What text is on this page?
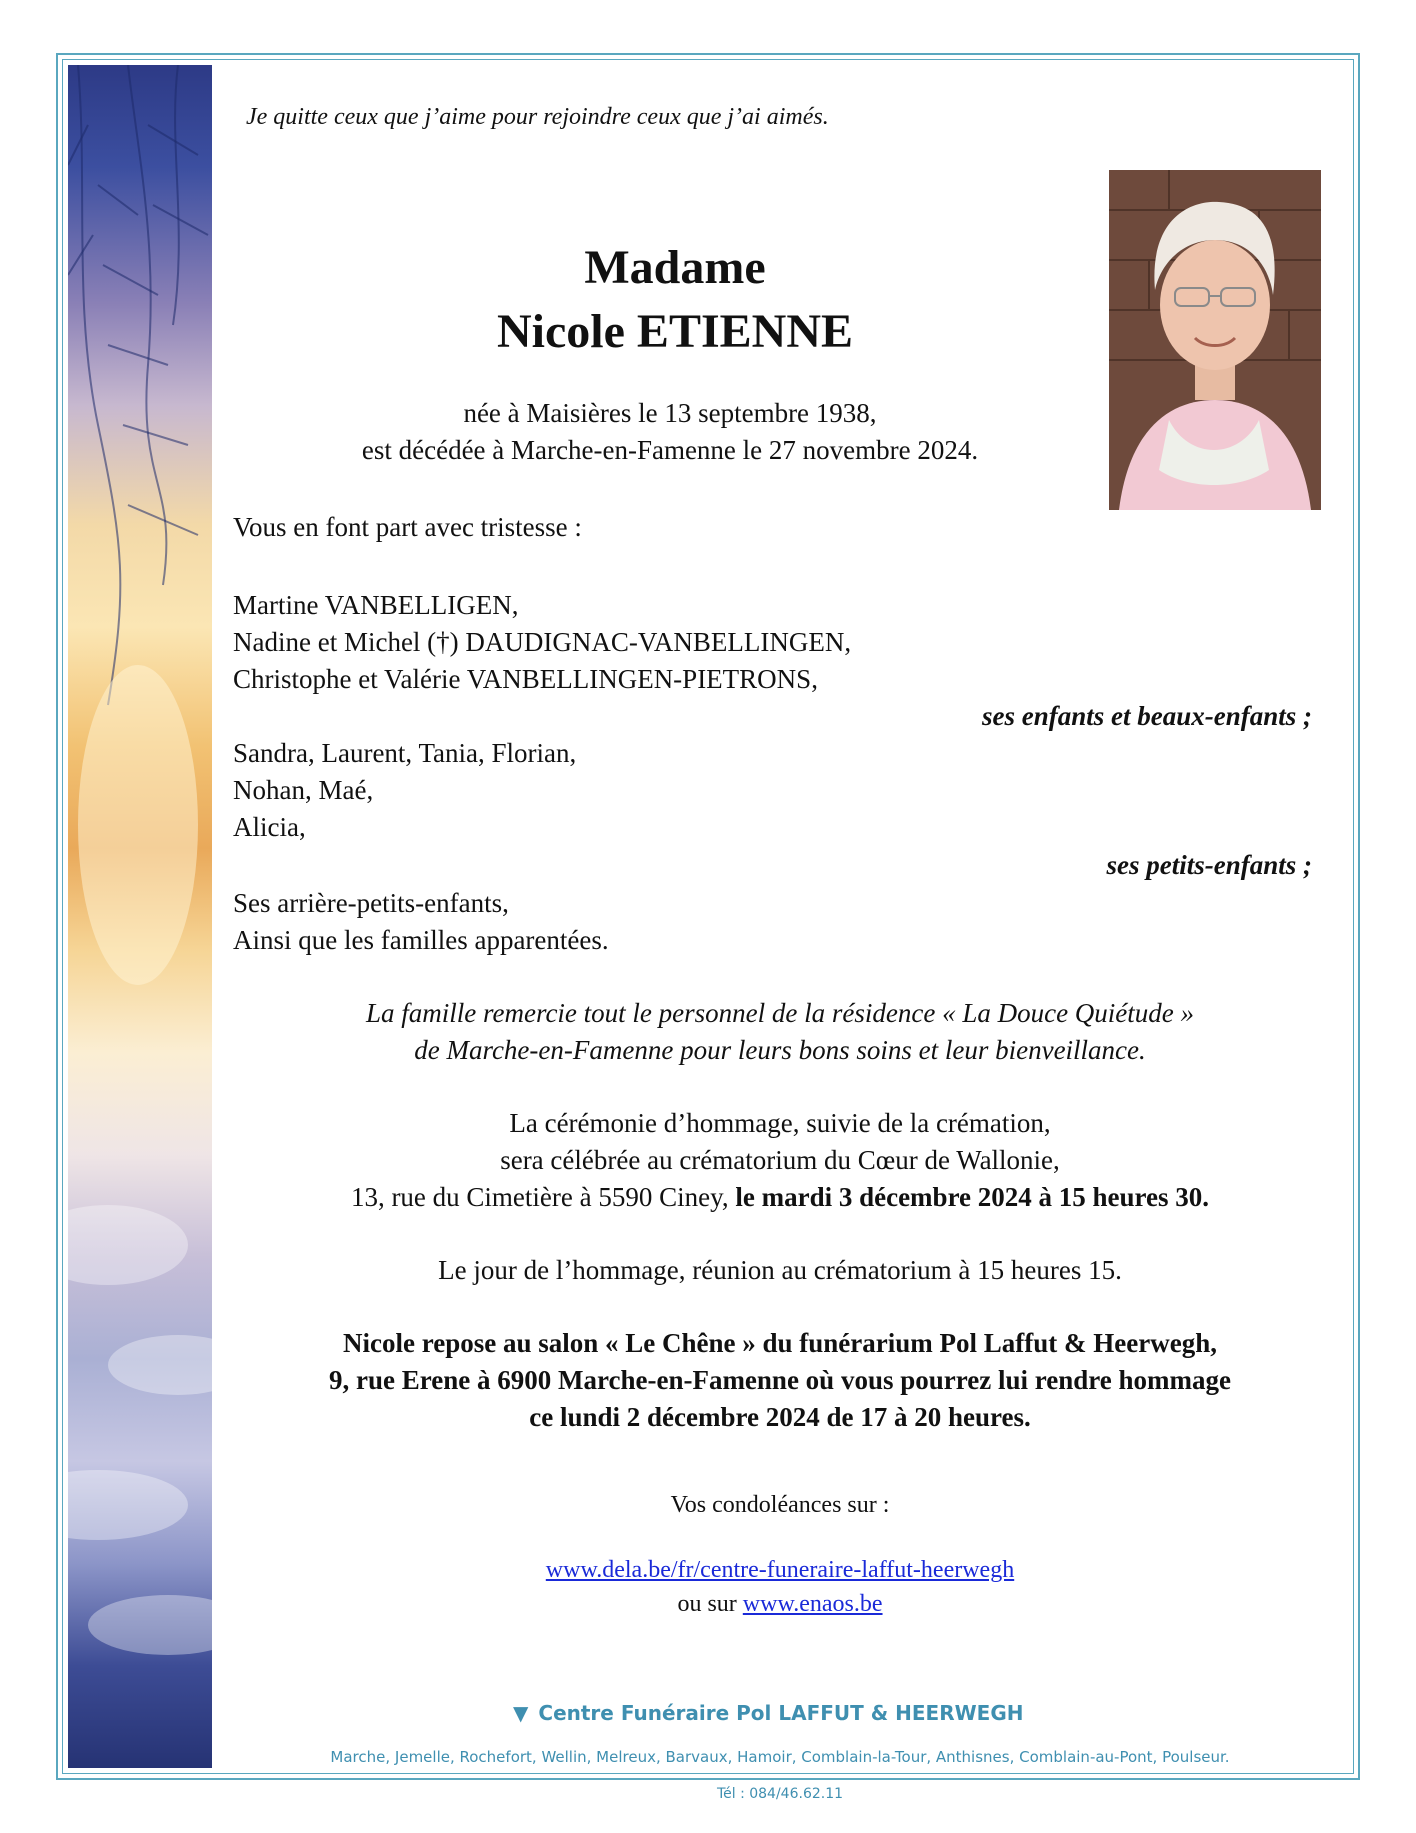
Je quitte ceux que j’aime pour rejoindre ceux que j’ai aimés.
Madame
Nicole ETIENNE
née à Maisières le 13 septembre 1938,
est décédée à Marche-en-Famenne le 27 novembre 2024.
Vous en font part avec tristesse :
Martine VANBELLIGEN,
Nadine et Michel (†) DAUDIGNAC-VANBELLINGEN,
Christophe et Valérie VANBELLINGEN-PIETRONS,
ses enfants et beaux-enfants ;
Sandra, Laurent, Tania, Florian,
Nohan, Maé,
Alicia,
ses petits-enfants ;
Ses arrière-petits-enfants,
Ainsi que les familles apparentées.
La famille remercie tout le personnel de la résidence « La Douce Quiétude »
de Marche-en-Famenne pour leurs bons soins et leur bienveillance.
La cérémonie d’hommage, suivie de la crémation,
sera célébrée au crématorium du Cœur de Wallonie,
13, rue du Cimetière à 5590 Ciney, le mardi 3 décembre 2024 à 15 heures 30.
Le jour de l’hommage, réunion au crématorium à 15 heures 15.
Nicole repose au salon « Le Chêne » du funérarium Pol Laffut & Heerwegh,
9, rue Erene à 6900 Marche-en-Famenne où vous pourrez lui rendre hommage
ce lundi 2 décembre 2024 de 17 à 20 heures.
Vos condoléances sur :
www.dela.be/fr/centre-funeraire-laffut-heerwegh
ou sur www.enaos.be
▼ Centre Funéraire Pol LAFFUT & HEERWEGH
Marche, Jemelle, Rochefort, Wellin, Melreux, Barvaux, Hamoir, Comblain-la-Tour, Anthisnes, Comblain-au-Pont, Poulseur.
Tél : 084/46.62.11
